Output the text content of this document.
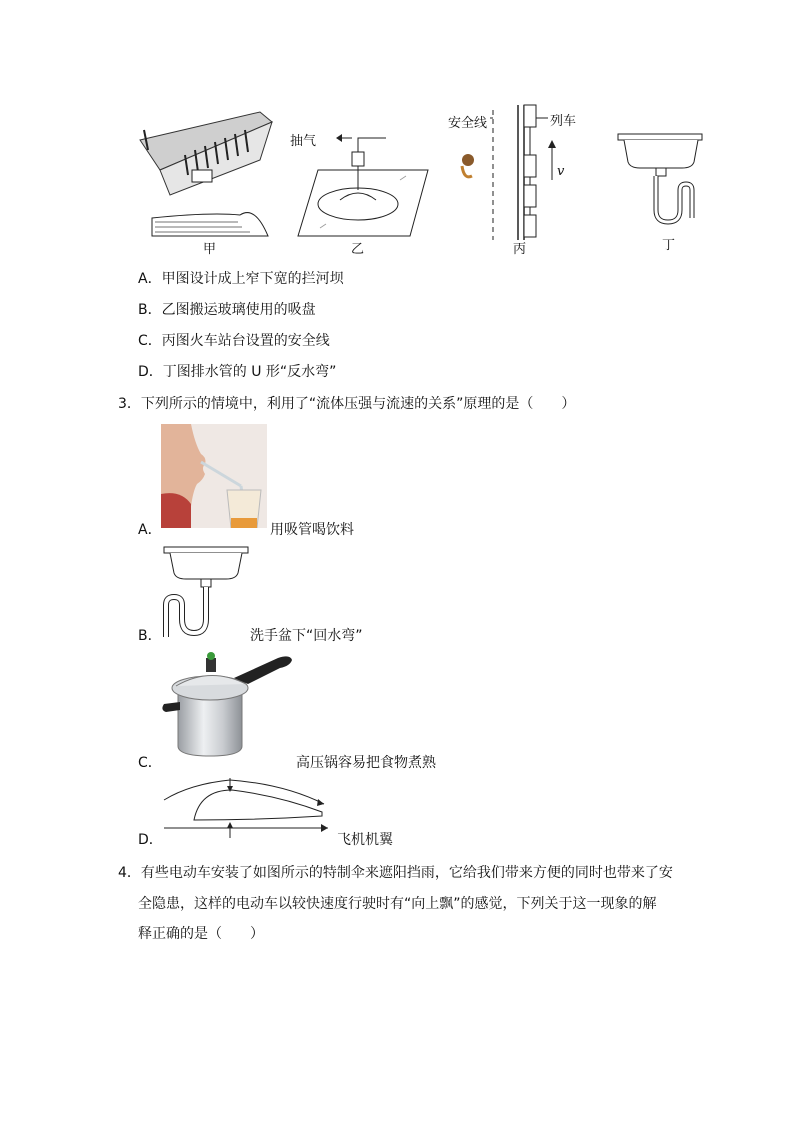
甲	乙	丙	丁
抽气
安全线	列车
v
A．甲图设计成上窄下宽的拦河坝
B．乙图搬运玻璃使用的吸盘
C．丙图火车站台设置的安全线
D．丁图排水管的 U 形“反水弯”
3．下列所示的情境中，利用了“流体压强与流速的关系”原理的是（　　）
A．	用吸管喝饮料
B．	洗手盆下“回水弯”
C．	高压锅容易把食物煮熟
D．	飞机机翼
4．有些电动车安装了如图所示的特制伞来遮阳挡雨，它给我们带来方便的同时也带来了安
全隐患，这样的电动车以较快速度行驶时有“向上飘”的感觉，下列关于这一现象的解
释正确的是（　　）
